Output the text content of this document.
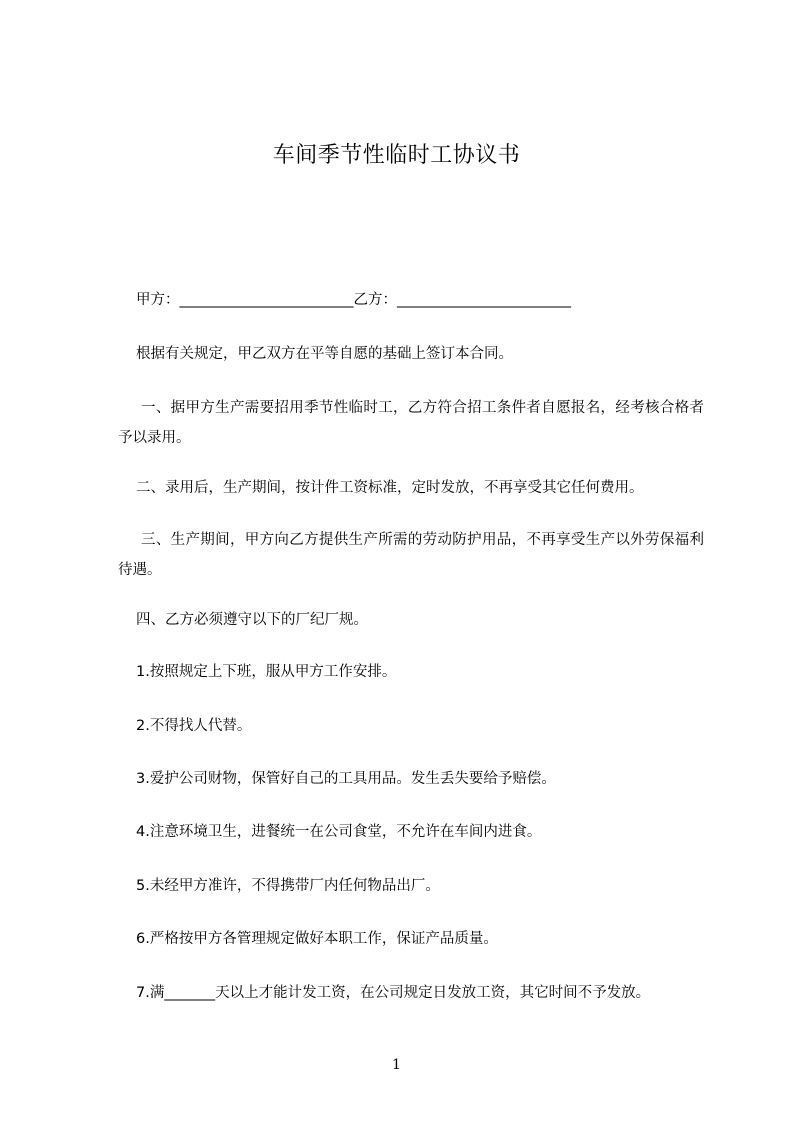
车间季节性临时工协议书
甲方：________________________乙方：________________________
根据有关规定，甲乙双方在平等自愿的基础上签订本合同。
一、据甲方生产需要招用季节性临时工，乙方符合招工条件者自愿报名，经考核合格者予以录用。
二、录用后，生产期间，按计件工资标准，定时发放，不再享受其它任何费用。
三、生产期间，甲方向乙方提供生产所需的劳动防护用品，不再享受生产以外劳保福利待遇。
四、乙方必须遵守以下的厂纪厂规。
1.按照规定上下班，服从甲方工作安排。
2.不得找人代替。
3.爱护公司财物，保管好自己的工具用品。发生丢失要给予赔偿。
4.注意环境卫生，进餐统一在公司食堂，不允许在车间内进食。
5.未经甲方准许，不得携带厂内任何物品出厂。
6.严格按甲方各管理规定做好本职工作，保证产品质量。
7.满_______天以上才能计发工资，在公司规定日发放工资，其它时间不予发放。
1
